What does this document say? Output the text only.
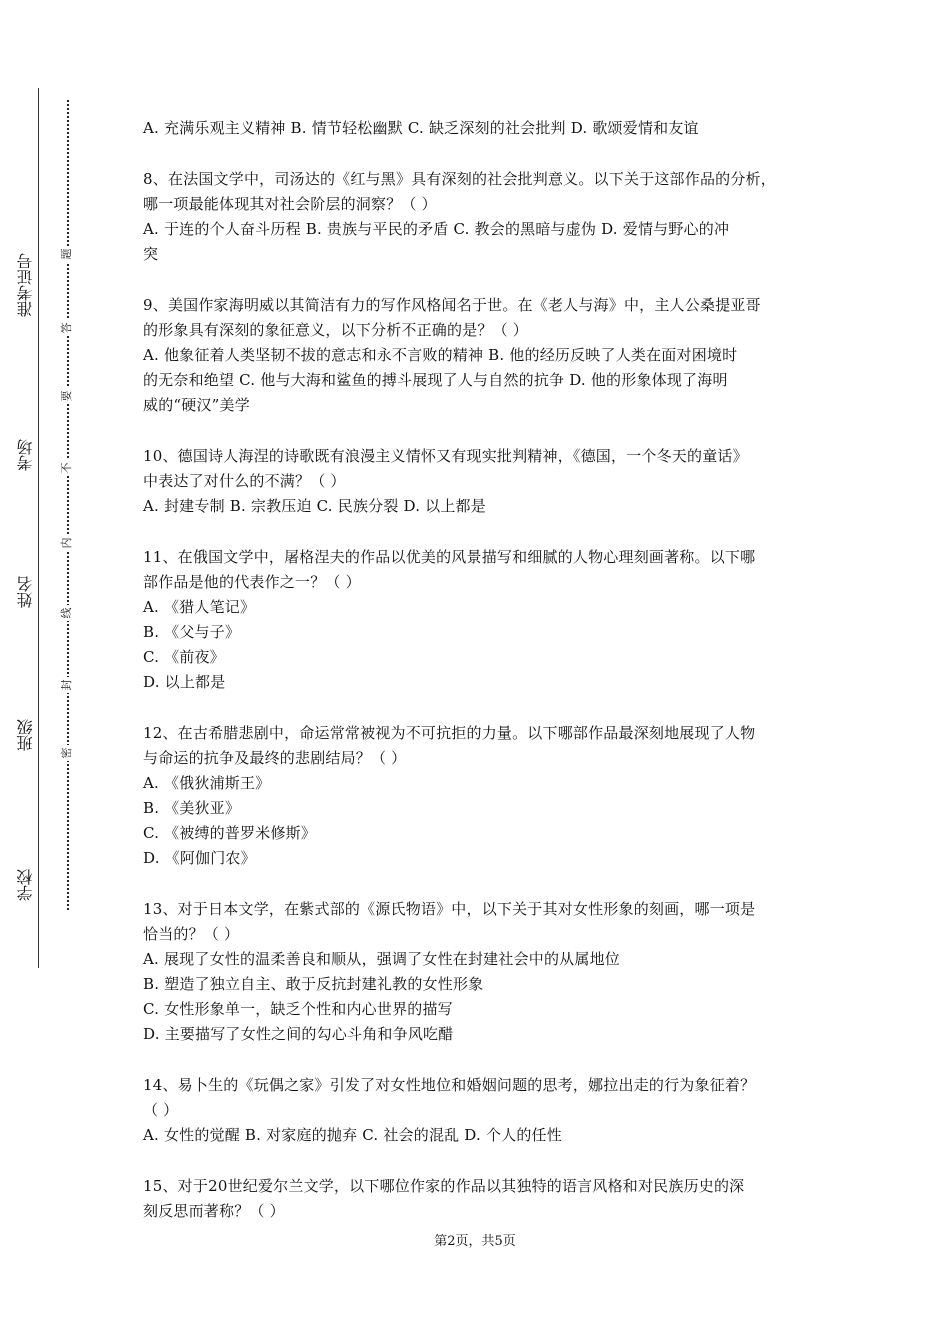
准考证号
考场
姓名
班级
学校
密
封
线
内
不
要
答
题

A. 充满乐观主义精神 B. 情节轻松幽默 C. 缺乏深刻的社会批判 D. 歌颂爱情和友谊

8、在法国文学中，司汤达的《红与黑》具有深刻的社会批判意义。以下关于这部作品的分析，

哪一项最能体现其对社会阶层的洞察？（ ）

A. 于连的个人奋斗历程 B. 贵族与平民的矛盾 C. 教会的黑暗与虚伪 D. 爱情与野心的冲

突

9、美国作家海明威以其简洁有力的写作风格闻名于世。在《老人与海》中，主人公桑提亚哥

的形象具有深刻的象征意义，以下分析不正确的是？（ ）

A. 他象征着人类坚韧不拔的意志和永不言败的精神 B. 他的经历反映了人类在面对困境时

的无奈和绝望 C. 他与大海和鲨鱼的搏斗展现了人与自然的抗争 D. 他的形象体现了海明

威的“硬汉”美学

10、德国诗人海涅的诗歌既有浪漫主义情怀又有现实批判精神，《德国，一个冬天的童话》

中表达了对什么的不满？（ ）

A. 封建专制 B. 宗教压迫 C. 民族分裂 D. 以上都是

11、在俄国文学中，屠格涅夫的作品以优美的风景描写和细腻的人物心理刻画著称。以下哪

部作品是他的代表作之一？（ ）

A. 《猎人笔记》

B. 《父与子》

C. 《前夜》

D. 以上都是

12、在古希腊悲剧中，命运常常被视为不可抗拒的力量。以下哪部作品最深刻地展现了人物

与命运的抗争及最终的悲剧结局？（ ）

A. 《俄狄浦斯王》

B. 《美狄亚》

C. 《被缚的普罗米修斯》

D. 《阿伽门农》

13、对于日本文学，在紫式部的《源氏物语》中，以下关于其对女性形象的刻画，哪一项是

恰当的？（ ）

A. 展现了女性的温柔善良和顺从，强调了女性在封建社会中的从属地位

B. 塑造了独立自主、敢于反抗封建礼教的女性形象

C. 女性形象单一，缺乏个性和内心世界的描写

D. 主要描写了女性之间的勾心斗角和争风吃醋

14、易卜生的《玩偶之家》引发了对女性地位和婚姻问题的思考，娜拉出走的行为象征着？

（ ）

A. 女性的觉醒 B. 对家庭的抛弃 C. 社会的混乱 D. 个人的任性

15、对于20世纪爱尔兰文学，以下哪位作家的作品以其独特的语言风格和对民族历史的深

刻反思而著称？（ ）

第2页，共5页
